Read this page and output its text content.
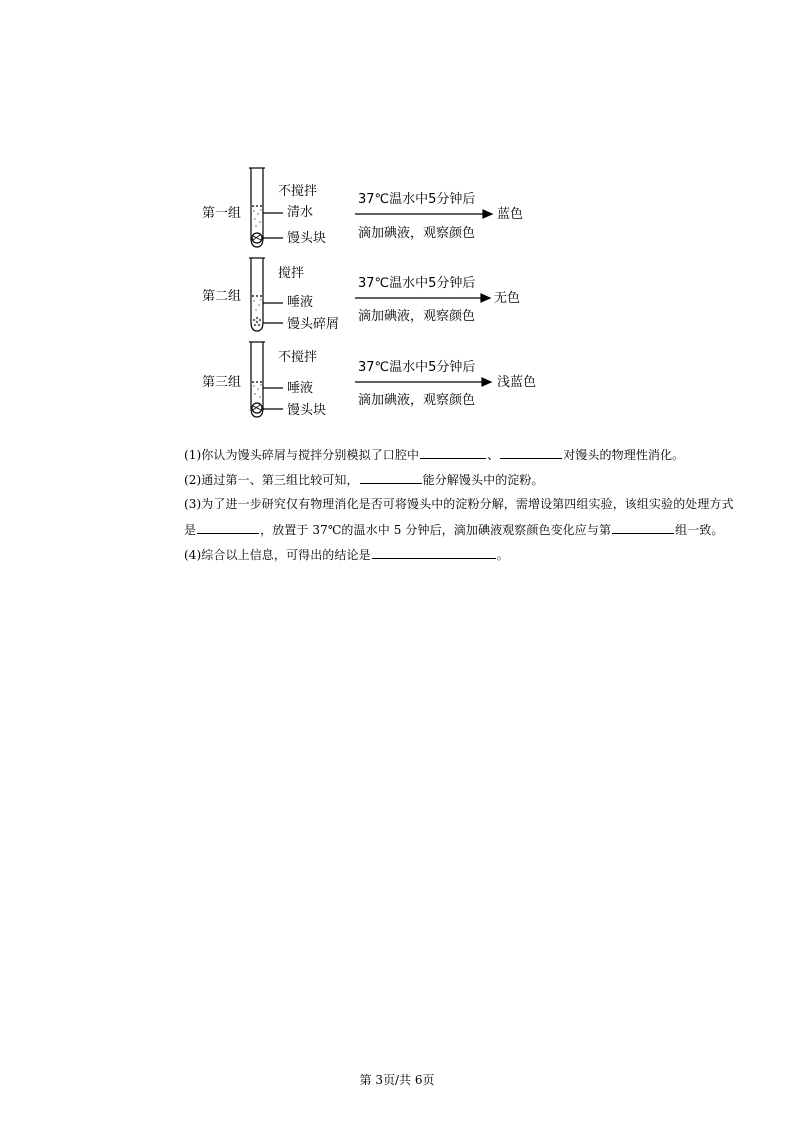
第一组
不搅拌
清水
馒头块
37℃温水中5分钟后
滴加碘液，观察颜色
蓝色
第二组
搅拌
唾液
馒头碎屑
37℃温水中5分钟后
滴加碘液，观察颜色
无色
第三组
不搅拌
唾液
馒头块
37℃温水中5分钟后
滴加碘液，观察颜色
浅蓝色
(1)你认为馒头碎屑与搅拌分别模拟了口腔中	、	对馒头的物理性消化。
(2)通过第一、第三组比较可知，	能分解馒头中的淀粉。
(3)为了进一步研究仅有物理消化是否可将馒头中的淀粉分解，需增设第四组实验，该组实验的处理方式
是	，放置于 37℃的温水中 5 分钟后，滴加碘液观察颜色变化应与第	组一致。
(4)综合以上信息，可得出的结论是	。
第 3页/共 6页
